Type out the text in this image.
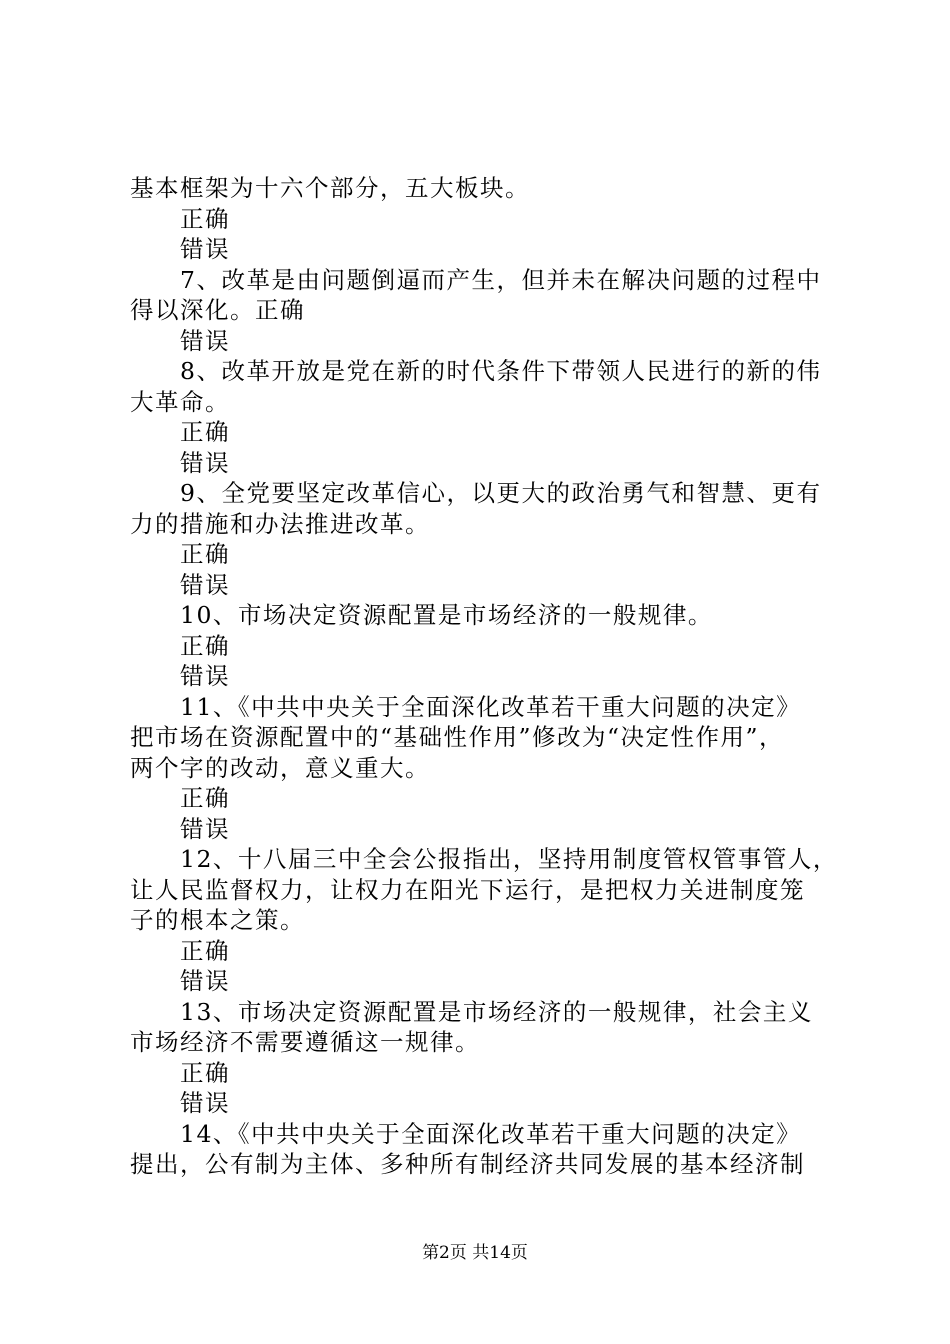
基本框架为十六个部分，五大板块。
正确
错误
7、改革是由问题倒逼而产生，但并未在解决问题的过程中
得以深化。正确
错误
8、改革开放是党在新的时代条件下带领人民进行的新的伟
大革命。
正确
错误
9、全党要坚定改革信心，以更大的政治勇气和智慧、更有
力的措施和办法推进改革。
正确
错误
10、市场决定资源配置是市场经济的一般规律。
正确
错误
11、《中共中央关于全面深化改革若干重大问题的决定》
把市场在资源配置中的“基础性作用”修改为“决定性作用”，
两个字的改动，意义重大。
正确
错误
12、十八届三中全会公报指出，坚持用制度管权管事管人，
让人民监督权力，让权力在阳光下运行，是把权力关进制度笼
子的根本之策。
正确
错误
13、市场决定资源配置是市场经济的一般规律，社会主义
市场经济不需要遵循这一规律。
正确
错误
14、《中共中央关于全面深化改革若干重大问题的决定》
提出，公有制为主体、多种所有制经济共同发展的基本经济制
第2页 共14页
